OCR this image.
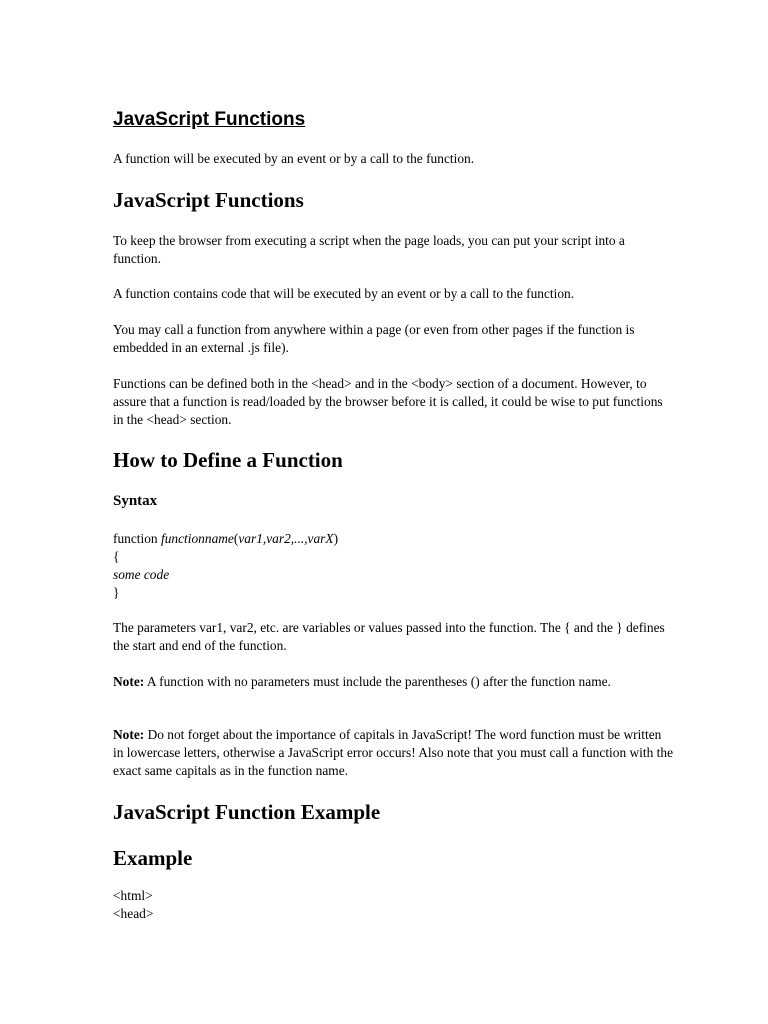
JavaScript Functions

A function will be executed by an event or by a call to the function.

JavaScript Functions

To keep the browser from executing a script when the page loads, you can put your script into a function.

A function contains code that will be executed by an event or by a call to the function.

You may call a function from anywhere within a page (or even from other pages if the function is embedded in an external .js file).

Functions can be defined both in the <head> and in the <body> section of a document. However, to assure that a function is read/loaded by the browser before it is called, it could be wise to put functions in the <head> section.

How to Define a Function
Syntax
function functionname(var1,var2,...,varX)
{
some code
}

The parameters var1, var2, etc. are variables or values passed into the function. The { and the } defines the start and end of the function.

Note: A function with no parameters must include the parentheses () after the function name.

Note: Do not forget about the importance of capitals in JavaScript! The word function must be written in lowercase letters, otherwise a JavaScript error occurs! Also note that you must call a function with the exact same capitals as in the function name.

JavaScript Function Example
Example
<html>
<head>
